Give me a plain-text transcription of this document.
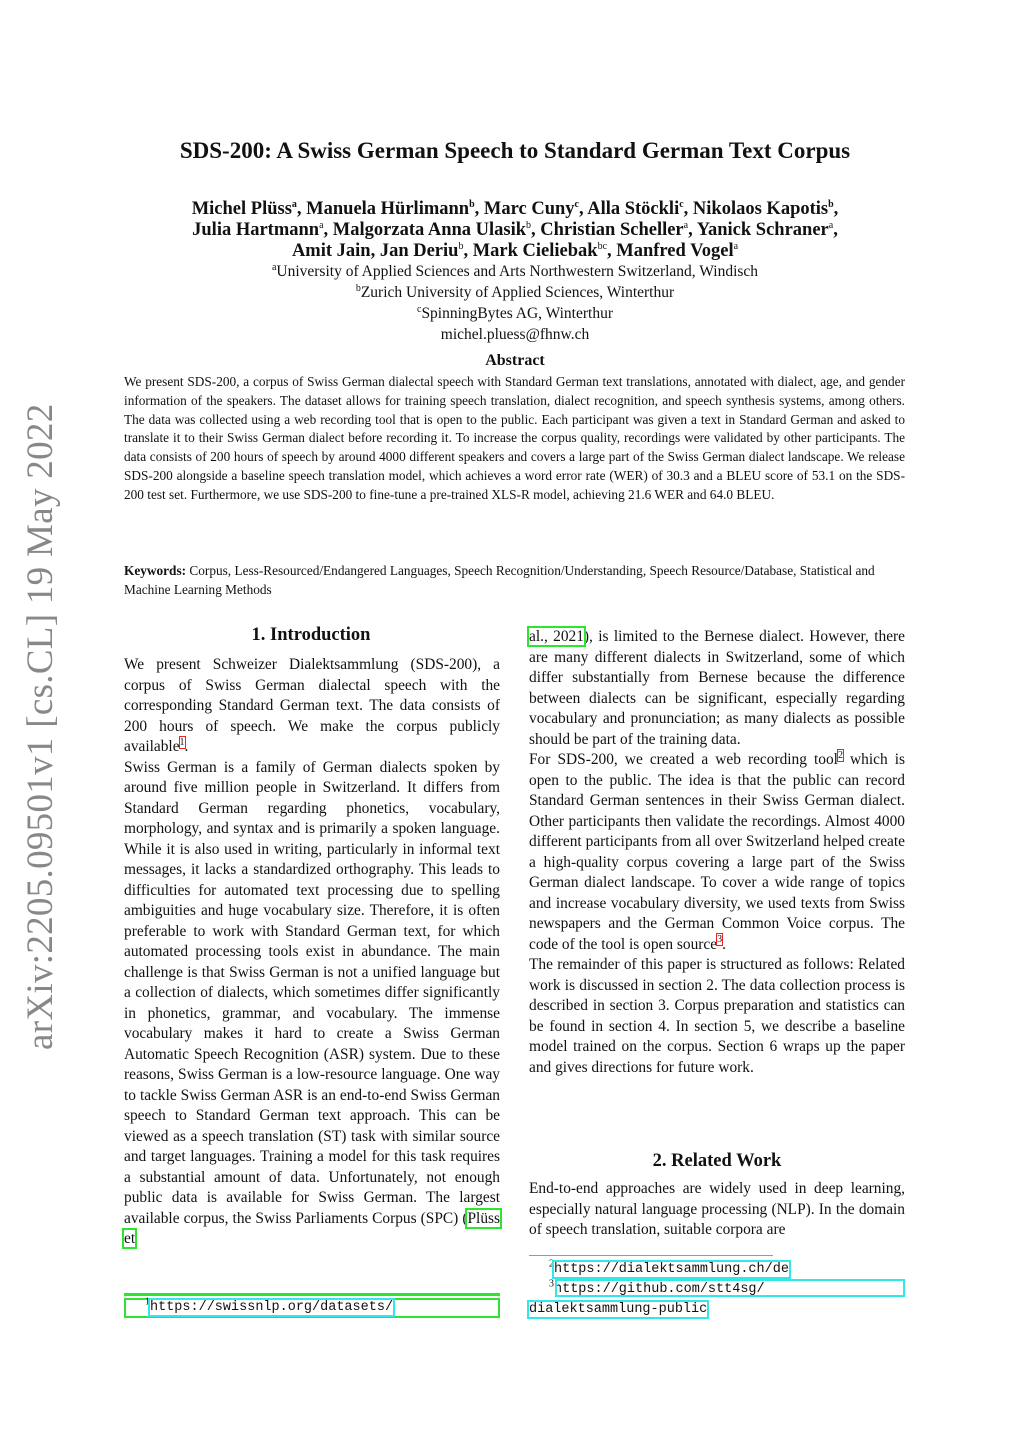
arXiv:2205.09501v1 [cs.CL] 19 May 2022
SDS-200: A Swiss German Speech to Standard German Text Corpus
Michel Plüss$^a$, Manuela Hürlimann$^b$, Marc Cuny$^c$, Alla Stöckli$^c$, Nikolaos Kapotis$^b$,
Julia Hartmann$^a$, Malgorzata Anna Ulasik$^b$, Christian Scheller$^a$, Yanick Schraner$^a$,
Amit Jain, Jan Deriu$^b$, Mark Cieliebak$^{bc}$, Manfred Vogel$^a$
$^a$University of Applied Sciences and Arts Northwestern Switzerland, Windisch
$^b$Zurich University of Applied Sciences, Winterthur
$^c$SpinningBytes AG, Winterthur
michel.pluess@fhnw.ch
Abstract
We present SDS-200, a corpus of Swiss German dialectal speech with Standard German text translations, annotated with dialect, age, and gender information of the speakers. The dataset allows for training speech translation, dialect recognition, and speech synthesis systems, among others. The data was collected using a web recording tool that is open to the public. Each participant was given a text in Standard German and asked to translate it to their Swiss German dialect before recording it. To increase the corpus quality, recordings were validated by other participants. The data consists of 200 hours of speech by around 4000 different speakers and covers a large part of the Swiss German dialect landscape. We release SDS-200 alongside a baseline speech translation model, which achieves a word error rate (WER) of 30.3 and a BLEU score of 53.1 on the SDS-200 test set. Furthermore, we use SDS-200 to fine-tune a pre-trained XLS-R model, achieving 21.6 WER and 64.0 BLEU.
Keywords: Corpus, Less-Resourced/Endangered Languages, Speech Recognition/Understanding, Speech Resource/Database, Statistical and Machine Learning Methods
1. Introduction

We present Schweizer Dialektsammlung (SDS-200), a corpus of Swiss German dialectal speech with the corresponding Standard German text. The data consists of 200 hours of speech. We make the corpus publicly available$^1$.

Swiss German is a family of German dialects spoken by around five million people in Switzerland. It differs from Standard German regarding phonetics, vocabulary, morphology, and syntax and is primarily a spoken language. While it is also used in writing, particularly in informal text messages, it lacks a standardized orthography. This leads to difficulties for automated text processing due to spelling ambiguities and huge vocabulary size. Therefore, it is often preferable to work with Standard German text, for which automated processing tools exist in abundance. The main challenge is that Swiss German is not a unified language but a collection of dialects, which sometimes differ significantly in phonetics, grammar, and vocabulary. The immense vocabulary makes it hard to create a Swiss German Automatic Speech Recognition (ASR) system. Due to these reasons, Swiss German is a low-resource language. One way to tackle Swiss German ASR is an end-to-end Swiss German speech to Standard German text approach. This can be viewed as a speech translation (ST) task with similar source and target languages. Training a model for this task requires a substantial amount of data. Unfortunately, not enough public data is available for Swiss German. The largest available corpus, the Swiss Parliaments Corpus (SPC) (Plüss et

$^1$https://swissnlp.org/datasets/

al., 2021), is limited to the Bernese dialect. However, there are many different dialects in Switzerland, some of which differ substantially from Bernese because the difference between dialects can be significant, especially regarding vocabulary and pronunciation; as many dialects as possible should be part of the training data.

For SDS-200, we created a web recording tool$^2$ which is open to the public. The idea is that the public can record Standard German sentences in their Swiss German dialect. Other participants then validate the recordings. Almost 4000 different participants from all over Switzerland helped create a high-quality corpus covering a large part of the Swiss German dialect landscape. To cover a wide range of topics and increase vocabulary diversity, we used texts from Swiss newspapers and the German Common Voice corpus. The code of the tool is open source$^3$.

The remainder of this paper is structured as follows: Related work is discussed in section 2. The data collection process is described in section 3. Corpus preparation and statistics can be found in section 4. In section 5, we describe a baseline model trained on the corpus. Section 6 wraps up the paper and gives directions for future work.

2. Related Work

End-to-end approaches are widely used in deep learning, especially natural language processing (NLP). In the domain of speech translation, suitable corpora are

$^2$https://dialektsammlung.ch/de
$^3$https://github.com/stt4sg/
dialektsammlung-public
